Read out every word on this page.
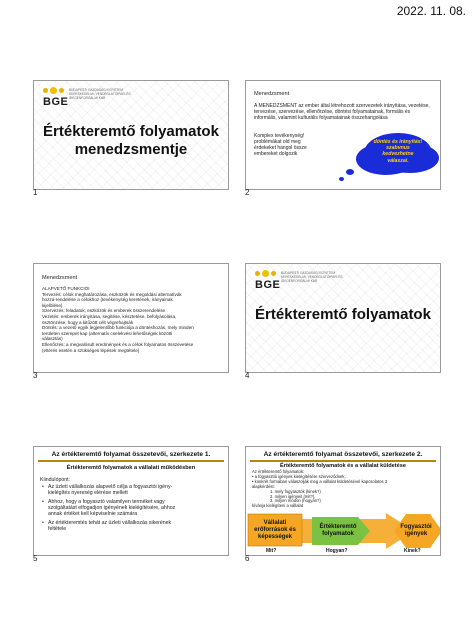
2022. 11. 08.
BGE
BUDAPESTI GAZDASÁGI EGYETEM KERESKEDELMI, VENDÉGLÁTÓIPARI ÉS IDEGENFORGALMI KAR
Értékteremtő folyamatok
menedzsmentje
1
Menedzsment
A MENEDZSMENT az ember által létrehozott szervezetek irányítása, vezetése, tervezése, szervezése, ellenőrzése, döntési folyamatainak, formális és informális, valamint kulturális folyamatainak összehangolása
Komplex tevékenység!
problémákat old meg
érdekeket hangol össze
embereket dolgozik
döntés és irányítás!
szabvnus
kedvezhetne
válaszai.
2
Menedzsment
ALAPVETŐ FUNKCIÓI
Tervezés: célok meghatározása, eszközök és megoldási alternatívák
hozzá-rendelése a célokhoz (tevékenység keretének, irányainak
kijelölése)
Szervezés: feladatok, eszközök és emberek összerendelése
Vezetés: emberek irányítása, segítése, késztetése, befolyásolása,
ösztönzése, hogy a kitűzött célt végrehajtsák
Döntés: a vezető egyik legjelentőbb funkciója a döntéshozás, mely minden
területen szerepet kap (alternatív cselekvési lehetőségek közötti
választás)
Ellenőrzés: a megvalósult eredmények és a célok folyamatos összevetése
(eltérés esetén a szükséges lépések megtétele)
3
BGE
BUDAPESTI GAZDASÁGI EGYETEM KERESKEDELMI, VENDÉGLÁTÓIPARI ÉS IDEGENFORGALMI KAR
Értékteremtő folyamatok
4
Az értékteremtő folyamat összetevői, szerkezete 1.
Értékteremtő folyamatok a vállalati működésben
Kiindulópont:
Az üzleti vállalkozás alapvető célja a fogyasztói igény-
kielégítés nyereség elérése mellett
Ahhoz, hogy a fogyasztó valamilyen terméket vagy
szolgáltatást elfogadjon igényének kielégítésére, ahhoz
annak értéket kell képviselnie számára
Az értékteremtés tehát az üzleti vállalkozás sikerének
feltétele
•
•
•
5
Az értékteremtő folyamat összetevői, szerkezete 2.
Értékteremtő folyamatok és a vállalat küldetése
Az értékteremtő folyamatok:
• a fogyasztói igények kielégítésére szerveződnek,
• konkrét formában válaszolják meg a vállalat küldetésével kapcsolatos 3
alapkérdést:
1. mely fogyasztók (kinek?)
2. milyen igényeit (mit?),
3. milyen módon (hogyan?)
kívánja kielégíteni a vállalat
Vállalati
erőforrások és
képességek
Értékteremtő
folyamatok
Fogyasztói
igények
Mit?	Hogyan?	Kinek?
6
